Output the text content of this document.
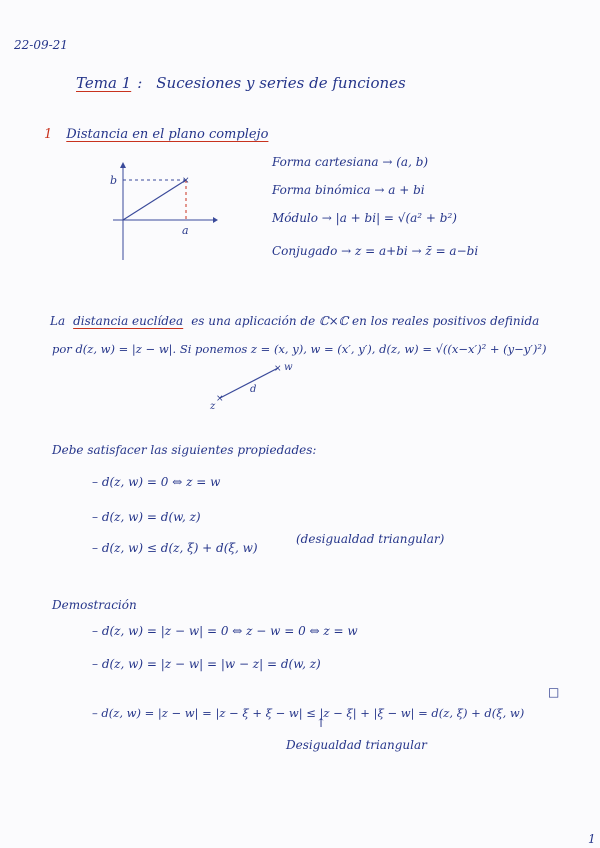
22-09-21
Tema 1 : Sucesiones y series de funciones
1 Distancia en el plano complejo
×
b
a
Forma cartesiana → (a, b)
Forma binómica → a + bi
Módulo → |a + bi| = √(a² + b²)
Conjugado → z = a+bi → z̄ = a−bi
La distancia euclídea es una aplicación de ℂ×ℂ en los reales positivos definida
por d(z, w) = |z − w|. Si ponemos z = (x, y), w = (x′, y′), d(z, w) = √((x−x′)² + (y−y′)²)
×
×
w
z
d
Debe satisfacer las siguientes propiedades:
– d(z, w) = 0 ⇔ z = w
– d(z, w) = d(w, z)
– d(z, w) ≤ d(z, ξ) + d(ξ, w)
(desigualdad triangular)
Demostración
– d(z, w) = |z − w| = 0 ⇔ z − w = 0 ⇔ z = w
– d(z, w) = |z − w| = |w − z| = d(w, z)
– d(z, w) = |z − w| = |z − ξ + ξ − w| ≤ |z − ξ| + |ξ − w| = d(z, ξ) + d(ξ, w)
□
↑
Desigualdad triangular
1
